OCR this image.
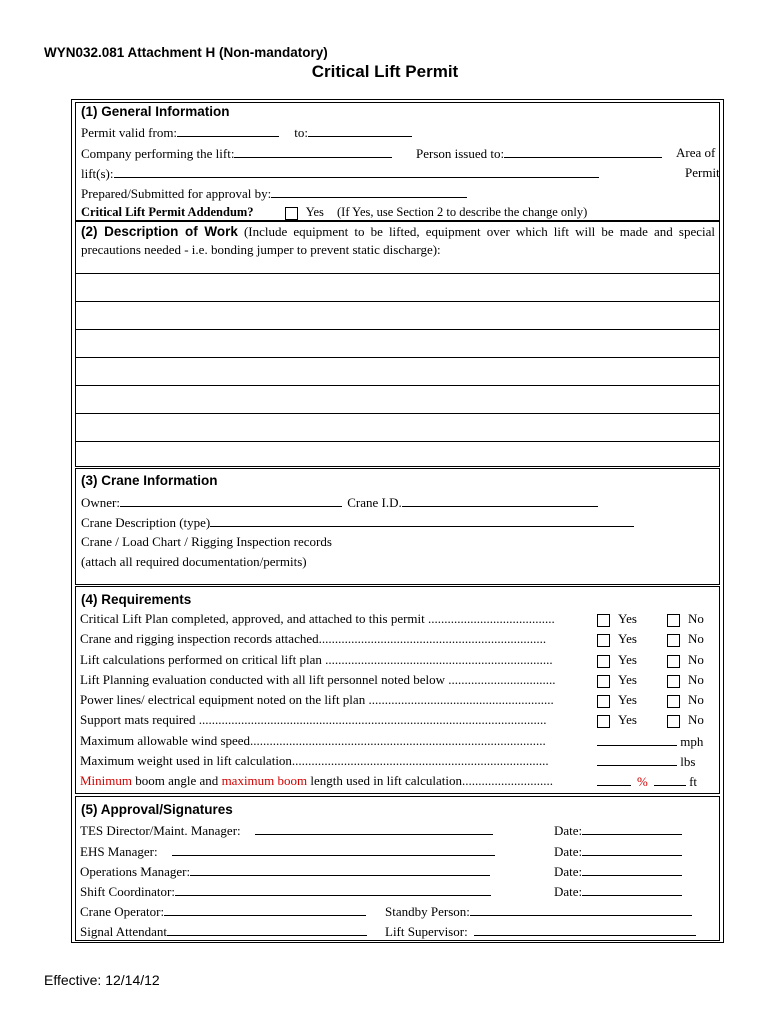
WYN032.081 Attachment H (Non-mandatory)
Critical Lift Permit
(1) General Information
Permit valid from:	to:
Company performing the lift:	Person issued to:	Area of
lift(s):	Permit
Prepared/Submitted for approval by:
Critical Lift Permit Addendum?	Yes (If Yes, use Section 2 to describe the change only)
(2) Description of Work (Include equipment to be lifted, equipment over which lift will be made and special
precautions needed - i.e. bonding jumper to prevent static discharge):
(3) Crane Information
Owner:	Crane I.D.
Crane Description (type)
Crane / Load Chart / Rigging Inspection records
(attach all required documentation/permits)
(4) Requirements
Critical Lift Plan completed, approved, and attached to this permit .......................................	Yes	No
Crane and rigging inspection records attached......................................................................	Yes	No
Lift calculations performed on critical lift plan ......................................................................	Yes	No
Lift Planning evaluation conducted with all lift personnel noted below .................................	Yes	No
Power lines/ electrical equipment noted on the lift plan .........................................................	Yes	No
Support mats required ...........................................................................................................	Yes	No
Maximum allowable wind speed...........................................................................................	mph
Maximum weight used in lift calculation...............................................................................	lbs
Minimum boom angle and maximum boom length used in lift calculation............................	%	ft
(5) Approval/Signatures
TES Director/Maint. Manager:	Date:
EHS Manager:	Date:
Operations Manager:	Date:
Shift Coordinator:	Date:
Crane Operator:	Standby Person:
Signal Attendant	Lift Supervisor:
Effective: 12/14/12
